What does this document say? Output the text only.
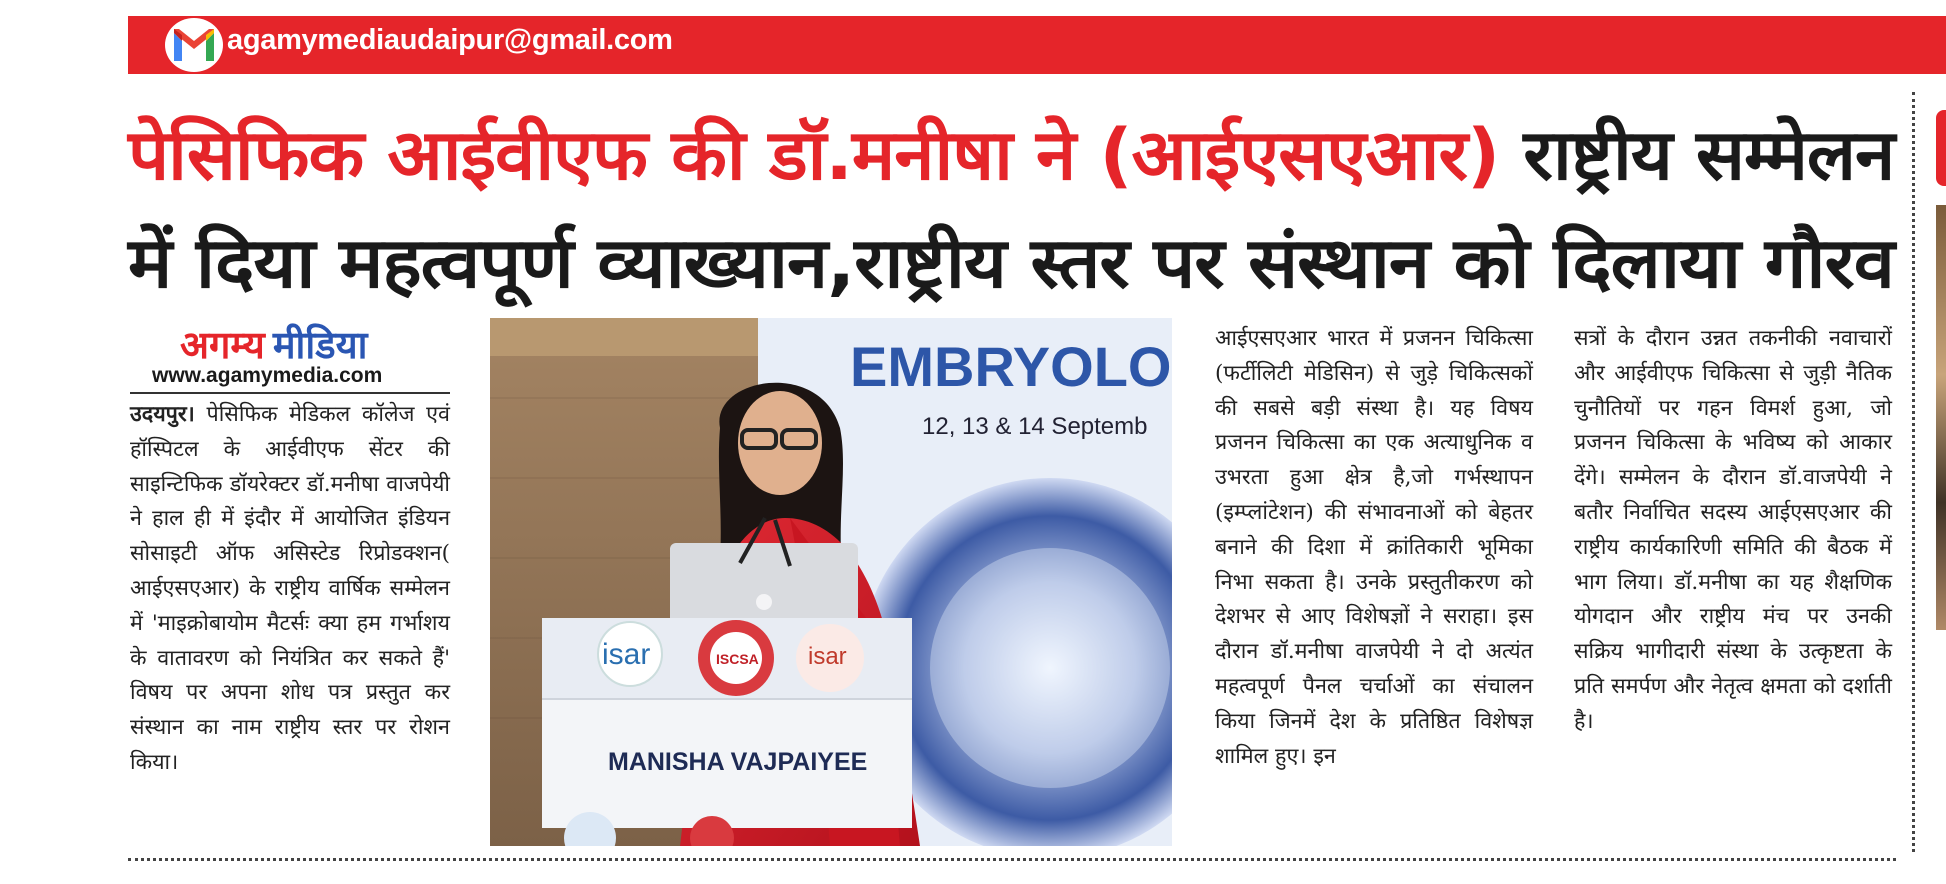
agamymediaudaipur@gmail.com
पेसिफिक आईवीएफ की डॉ.मनीषा ने (आईएसएआर) राष्ट्रीय सम्मेलन
में दिया महत्वपूर्ण व्याख्यान,राष्ट्रीय स्तर पर संस्थान को दिलाया गौरव
अगम्य मीडिया
www.agamymedia.com
उदयपुर। पेसिफिक मेडिकल कॉलेज एवं हॉस्पिटल के आईवीएफ सेंटर की साइन्टिफिक डॉयरेक्टर डॉ.मनीषा वाजपेयी ने हाल ही में इंदौर में आयोजित इंडियन सोसाइटी ऑफ असिस्टेड रिप्रोडक्शन( आईएसएआर) के राष्ट्रीय वार्षिक सम्मेलन में 'माइक्रोबायोम मैटर्सः क्या हम गर्भाशय के वातावरण को नियंत्रित कर सकते हैं' विषय पर अपना शोध पत्र प्रस्तुत कर संस्थान का नाम राष्ट्रीय स्तर पर रोशन किया।
EMBRYOLO
12, 13 & 14 Septemb
isar	ISCSA isar
MANISHA VAJPAIYEE
आईएसएआर भारत में प्रजनन चिकित्सा (फर्टीलिटी मेडिसिन) से जुड़े चिकित्सकों की सबसे बड़ी संस्था है। यह विषय प्रजनन चिकित्सा का एक अत्याधुनिक व उभरता हुआ क्षेत्र है,जो गर्भस्थापन (इम्प्लांटेशन) की संभावनाओं को बेहतर बनाने की दिशा में क्रांतिकारी भूमिका निभा सकता है। उनके प्रस्तुतीकरण को देशभर से आए विशेषज्ञों ने सराहा। इस दौरान डॉ.मनीषा वाजपेयी ने दो अत्यंत महत्वपूर्ण पैनल चर्चाओं का संचालन किया जिनमें देश के प्रतिष्ठित विशेषज्ञ शामिल हुए। इन
सत्रों के दौरान उन्नत तकनीकी नवाचारों और आईवीएफ चिकित्सा से जुड़ी नैतिक चुनौतियों पर गहन विमर्श हुआ, जो प्रजनन चिकित्सा के भविष्य को आकार देंगे। सम्मेलन के दौरान डॉ.वाजपेयी ने बतौर निर्वाचित सदस्य आईएसएआर की राष्ट्रीय कार्यकारिणी समिति की बैठक में भाग लिया। डॉ.मनीषा का यह शैक्षणिक योगदान और राष्ट्रीय मंच पर उनकी सक्रिय भागीदारी संस्था के उत्कृष्टता के प्रति समर्पण और नेतृत्व क्षमता को दर्शाती है।
